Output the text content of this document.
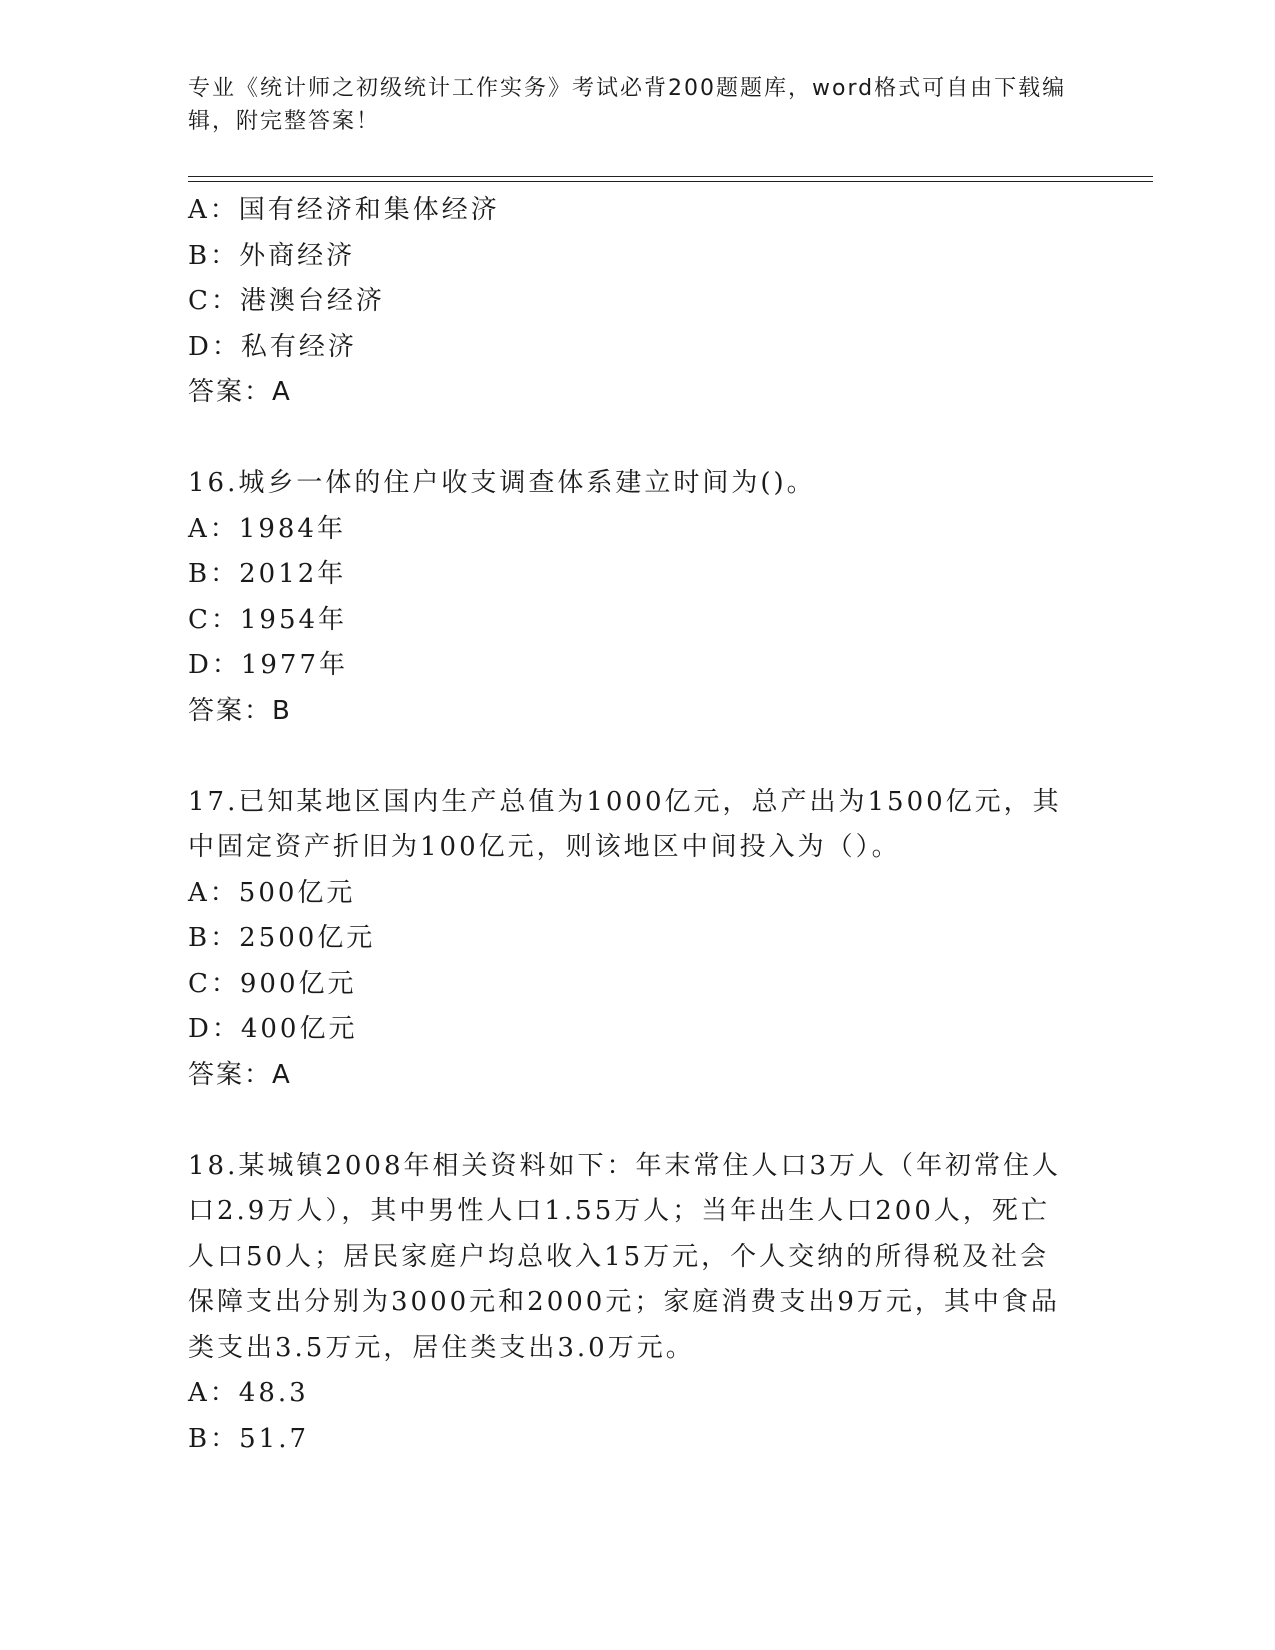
专业《统计师之初级统计工作实务》考试必背200题题库，word格式可自由下载编辑，附完整答案！
A：国有经济和集体经济
B：外商经济
C：港澳台经济
D：私有经济
答案：A
16.城乡一体的住户收支调查体系建立时间为()。
A：1984年
B：2012年
C：1954年
D：1977年
答案：B
17.已知某地区国内生产总值为1000亿元，总产出为1500亿元，其中固定资产折旧为100亿元，则该地区中间投入为（）。
A：500亿元
B：2500亿元
C：900亿元
D：400亿元
答案：A
18.某城镇2008年相关资料如下：年末常住人口3万人（年初常住人口2.9万人），其中男性人口1.55万人；当年出生人口200人，死亡人口50人；居民家庭户均总收入15万元，个人交纳的所得税及社会保障支出分别为3000元和2000元；家庭消费支出9万元，其中食品类支出3.5万元，居住类支出3.0万元。
A：48.3
B：51.7
